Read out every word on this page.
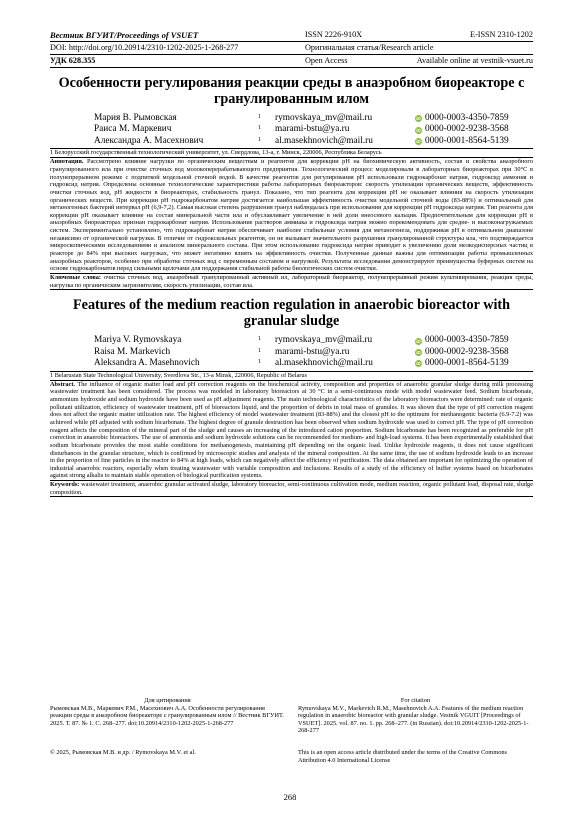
Вестник ВГУИТ/Proceedings of VSUET	ISSN 2226-910X	E-ISSN 2310-1202
DOI: http://doi.org/10.20914/2310-1202-2025-1-268-277	Оригинальная статья/Research article
УДК 628.355	Open Access	Available online at vestnik-vsuet.ru
Особенности регулирования реакции среды в анаэробном биореакторе с гранулированным илом
Мария В. Рымовская	1	rymovskaya_mv@mail.ru	iD 0000-0003-4350-7859
Раиса М. Маркевич	1	marami-bstu@ya.ru	iD 0000-0002-9238-3568
Александра А. Масехнович	1	al.masekhnovich@mail.ru	iD 0000-0001-8564-5139
1 Белорусский государственный технологический университет, ул. Свердлова, 13-а, г. Минск, 220006, Республика Беларусь

Аннотация. Рассмотрено влияние нагрузки по органическим веществам и реагентов для коррекции pH на биохимическую активность, состав и свойства анаэробного гранулированного ила при очистке сточных вод молокоперерабатывающего предприятия. Технологический процесс моделировали в лабораторных биореакторах при 30°C в полунепрерывном режиме с подпиткой модельной сточной водой. В качестве реагентов для регулирования pH использовали гидрокарбонат натрия, гидроксид аммония и гидроксид натрия. Определены основные технологические характеристики работы лабораторных биореакторов: скорость утилизации органических веществ, эффективность очистки сточных вод, pH жидкости в биореакторах, стабильность гранул. Показано, что тип реагента для коррекции pH не оказывает влияния на скорость утилизации органических веществ. При коррекции pH гидрокарбонатом натрия достигается наибольшая эффективность очистки модельной сточной воды (83-88%) и оптимальный для метаногенных бактерий интервал pH (6,9-7,2). Самая высокая степень разрушения гранул наблюдалась при использовании для коррекции pH гидроксида натрия. Тип реагента для коррекции pH оказывает влияние на состав минеральной части ила и обуславливает увеличение в ней доли внеоснвого кальция. Предпочтительным для коррекции pH в анаэробных биореакторах признан гидрокарбонат натрия. Использование растворов аммиака и гидроксида натрия можно порекомендовать для средне- и высоконагружаемых систем. Экспериментально установлено, что гидрокарбонат натрия обеспечивает наиболее стабильные условия для метаногенеза, поддерживая pH в оптимальном диапазоне независимо от органической нагрузки. В отличие от гидроксильных реагентов, он не вызывает значительного разрушения гранулированной структуры ила, что подтверждается микроскопическими исследованиями и анализом минерального состава. При этом использование гидроксида натрия приводит к увеличению доли мелкодисперсных частиц в реакторе до 84% при высоких нагрузках, что может негативно влиять на эффективность очистки. Полученные данные важны для оптимизации работы промышленных анаэробных реакторов, особенно при обработке сточных вод с переменным составом и нагрузкой. Результаты исследования демонстрируют преимущества буферных систем на основе гидрокарбонатов перед сильными щелочами для поддержания стабильной работы биологических систем очистки.

Ключевые слова: очистка сточных вод, анаэробный гранулированный активный ил, лабораторный биореактор, полунепрерывный режим культивирования, реакция среды, нагрузка по органическим загрязнителям, скорость утилизации, состав ила.

Features of the medium reaction regulation in anaerobic bioreactor with granular sludge
Mariya V. Rymovskaya	1	rymovskaya_mv@mail.ru	iD 0000-0003-4350-7859
Raisa M. Markevich	1	marami-bstu@ya.ru	iD 0000-0002-9238-3568
Aleksandra A. Masehnovich	1	al.masekhnovich@mail.ru	iD 0000-0001-8564-5139
1 Belarusian State Technological University, Sverdlova Str., 13-a Minsk, 220006, Republic of Belarus

Abstract. The influence of organic matter load and pH correction reagents on the biochemical activity, composition and properties of anaerobic granular sludge during milk processing wastewater treatment has been considered. The process was modeled in laboratory bioreactors at 30 °C in a semi-continuous mode with model wastewater feed. Sodium bicarbonate, ammonium hydroxide and sodium hydroxide have been used as pH adjustment reagents. The main technological characteristics of the laboratory bioreactors were determined: rate of organic pollutant utilization, efficiency of wastewater treatment, pH of bioreactors liquid, and the proportion of debris in total mass of granules. It was shown that the type of pH correction reagent does not affect the organic matter utilization rate. The highest efficiency of model wastewater treatment (83-88%) and the closest pH to the optimum for methanogenic bacteria (6.9-7.2) was achieved while pH adjusted with sodium bicarbonate. The highest degree of granule destruction has been observed when sodium hydroxide was used to correct pH. The type of pH correction reagent affects the composition of the mineral part of the sludge and causes an increasing of the introduced cation proportion. Sodium bicarbonate has been recognized as preferable for pH correction in anaerobic bioreactors. The use of ammonia and sodium hydroxide solutions can be recommended for medium- and high-load systems. It has been experimentally established that sodium bicarbonate provides the most stable conditions for methanogenesis, maintaining pH depending on the organic load. Unlike hydroxide reagents, it does not cause significant disturbances in the granular structure, which is confirmed by microscopic studies and analysis of the mineral composition. At the same time, the use of sodium hydroxide leads to an increase in the proportion of fine particles in the reactor to 84% at high loads, which can negatively affect the efficiency of purification. The data obtained are important for optimizing the operation of industrial anaerobic reactors, especially when treating wastewater with variable composition and inclusions. Results of a study of the efficiency of buffer systems based on bicarbonates against strong alkalis to maintain stable operation of biological purification systems.

Keywords: wastewater treatment, anaerobic granular activated sludge, laboratory bioreactor, semi-continuous cultivation mode, medium reaction, organic pollutant load, disposal rate, sludge composition.

Для цитирования
Рымовская М.В., Маркевич Р.М., Масехнович А.А. Особенности регулирования реакции среды в анаэробном биореакторе с гранулированным илом // Вестник ВГУИТ. 2025. Т. 87. № 1. С. 268–277. doi:10.20914/2310-1202-2025-1-268-277
For citation
Rymovskaya M.V., Markevich R.M., Masehnovich A.A. Features of the medium reaction regulation in anaerobic bioreactor with granular sludge. Vestnik VGUIT [Proceedings of VSUET]. 2025. vol. 87. no. 1. pp. 268–277. (in Russian). doi:10.20914/2310-1202-2025-1-268-277
© 2025, Рымовская М.В. и др. / Rymovskaya M.V. et al.	This is an open access article distributed under the terms of the Creative Commons Attribution 4.0 International License
268
